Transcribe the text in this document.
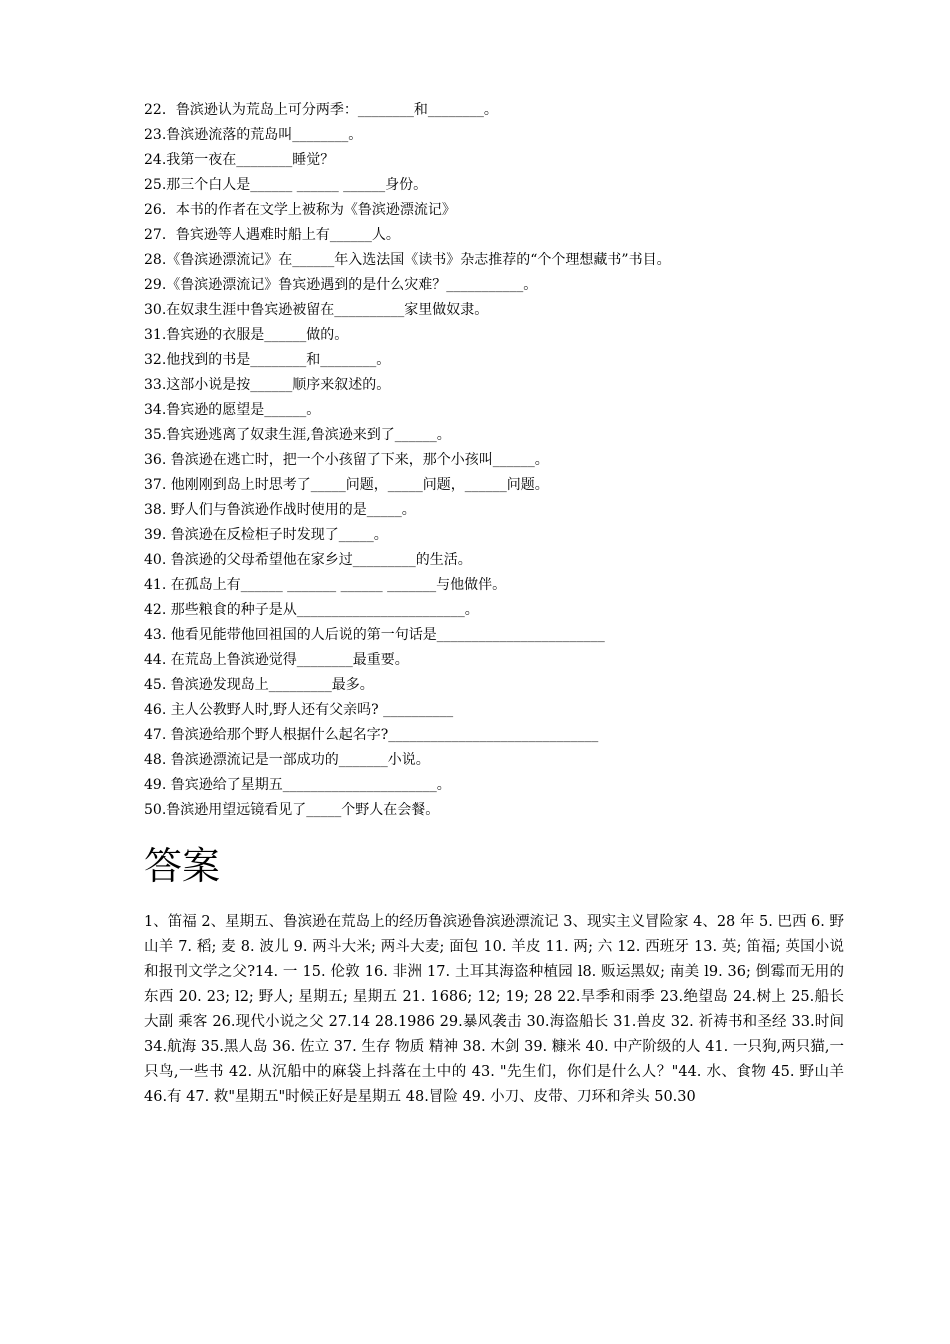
22．鲁滨逊认为荒岛上可分两季：________和________。
23.鲁滨逊流落的荒岛叫________。
24.我第一夜在________睡觉？
25.那三个白人是______ ______ ______身份。
26．本书的作者在文学上被称为《鲁滨逊漂流记》
27．鲁宾逊等人遇难时船上有______人。
28.《鲁滨逊漂流记》在______年入选法国《读书》杂志推荐的“个个理想藏书”书目。
29.《鲁滨逊漂流记》鲁宾逊遇到的是什么灾难？___________。
30.在奴隶生涯中鲁宾逊被留在__________家里做奴隶。
31.鲁宾逊的衣服是______做的。
32.他找到的书是________和________。
33.这部小说是按______顺序来叙述的。
34.鲁宾逊的愿望是______。
35.鲁宾逊逃离了奴隶生涯,鲁滨逊来到了______。
36. 鲁滨逊在逃亡时，把一个小孩留了下来，那个小孩叫______。
37. 他刚刚到岛上时思考了_____问题，_____问题，______问题。
38. 野人们与鲁滨逊作战时使用的是_____。
39. 鲁滨逊在反检柜子时发现了_____。
40. 鲁滨逊的父母希望他在家乡过_________的生活。
41. 在孤岛上有______ _______ ______ _______与他做伴。
42. 那些粮食的种子是从________________________。
43. 他看见能带他回祖国的人后说的第一句话是________________________
44. 在荒岛上鲁滨逊觉得________最重要。
45. 鲁滨逊发现岛上_________最多。
46. 主人公教野人时,野人还有父亲吗? __________
47. 鲁滨逊给那个野人根据什么起名字?______________________________
48. 鲁滨逊漂流记是一部成功的_______小说。
49. 鲁宾逊给了星期五______________________。
50.鲁滨逊用望远镜看见了_____个野人在会餐。
答案

1、笛福 2、星期五、鲁滨逊在荒岛上的经历鲁滨逊鲁滨逊漂流记 3、现实主义冒险家 4、28 年 5. 巴西 6. 野山羊 7. 稻; 麦 8. 波儿 9. 两斗大米; 两斗大麦; 面包 10. 羊皮 11. 两; 六 12. 西班牙 13. 英; 笛福; 英国小说和报刊文学之父?14. 一 15. 伦敦 16. 非洲 17. 土耳其海盗种植园 l8. 贩运黑奴; 南美 l9. 36; 倒霉而无用的东西 20. 23; l2; 野人; 星期五; 星期五 21. 1686; 12; 19; 28 22.旱季和雨季 23.绝望岛 24.树上 25.船长 大副 乘客 26.现代小说之父 27.14 28.1986 29.暴风袭击 30.海盗船长 31.兽皮 32. 祈祷书和圣经 33.时间 34.航海 35.黑人岛 36. 佐立 37. 生存 物质 精神 38. 木剑 39. 糠米 40. 中产阶级的人 41. 一只狗,两只猫,一只鸟,一些书 42. 从沉船中的麻袋上抖落在土中的 43. "先生们，你们是什么人？"44. 水、食物 45. 野山羊 46.有 47. 救"星期五"时候正好是星期五 48.冒险 49. 小刀、皮带、刀环和斧头 50.30
